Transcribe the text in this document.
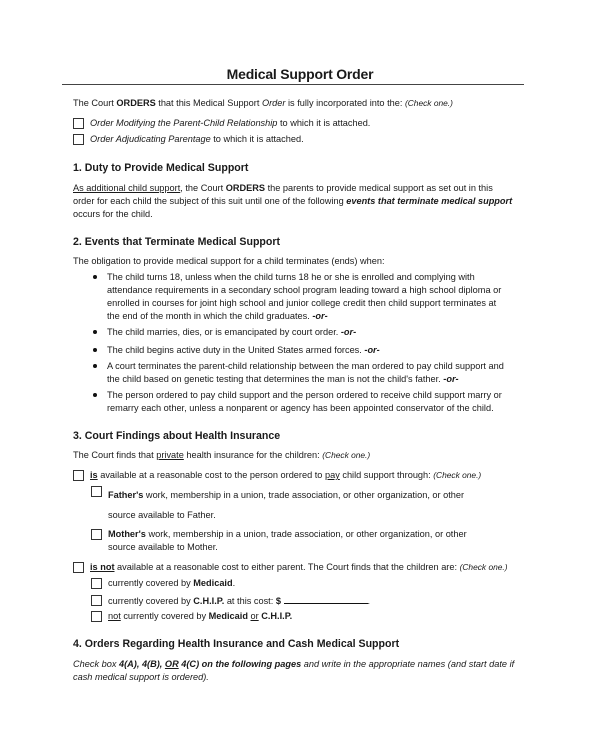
Medical Support Order
The Court ORDERS that this Medical Support Order is fully incorporated into the: (Check one.)
Order Modifying the Parent-Child Relationship to which it is attached.
Order Adjudicating Parentage to which it is attached.
1. Duty to Provide Medical Support
As additional child support, the Court ORDERS the parents to provide medical support as set out in this
order for each child the subject of this suit until one of the following events that terminate medical support
occurs for the child.
2. Events that Terminate Medical Support
The obligation to provide medical support for a child terminates (ends) when:
The child turns 18, unless when the child turns 18 he or she is enrolled and complying with
attendance requirements in a secondary school program leading toward a high school diploma or
enrolled in courses for joint high school and junior college credit then child support terminates at
the end of the month in which the child graduates. -or-
The child marries, dies, or is emancipated by court order. -or-
The child begins active duty in the United States armed forces. -or-
A court terminates the parent-child relationship between the man ordered to pay child support and
the child based on genetic testing that determines the man is not the child's father. -or-
The person ordered to pay child support and the person ordered to receive child support marry or
remarry each other, unless a nonparent or agency has been appointed conservator of the child.
3. Court Findings about Health Insurance
The Court finds that private health insurance for the children: (Check one.)
is available at a reasonable cost to the person ordered to pay child support through: (Check one.)
Father's work, membership in a union, trade association, or other organization, or other
source available to Father.
Mother's work, membership in a union, trade association, or other organization, or other
source available to Mother.
is not available at a reasonable cost to either parent. The Court finds that the children are: (Check one.)
currently covered by Medicaid.
currently covered by C.H.I.P. at this cost: $	.
not currently covered by Medicaid or C.H.I.P.
4. Orders Regarding Health Insurance and Cash Medical Support
Check box 4(A), 4(B), OR 4(C) on the following pages and write in the appropriate names (and start date if
cash medical support is ordered).
